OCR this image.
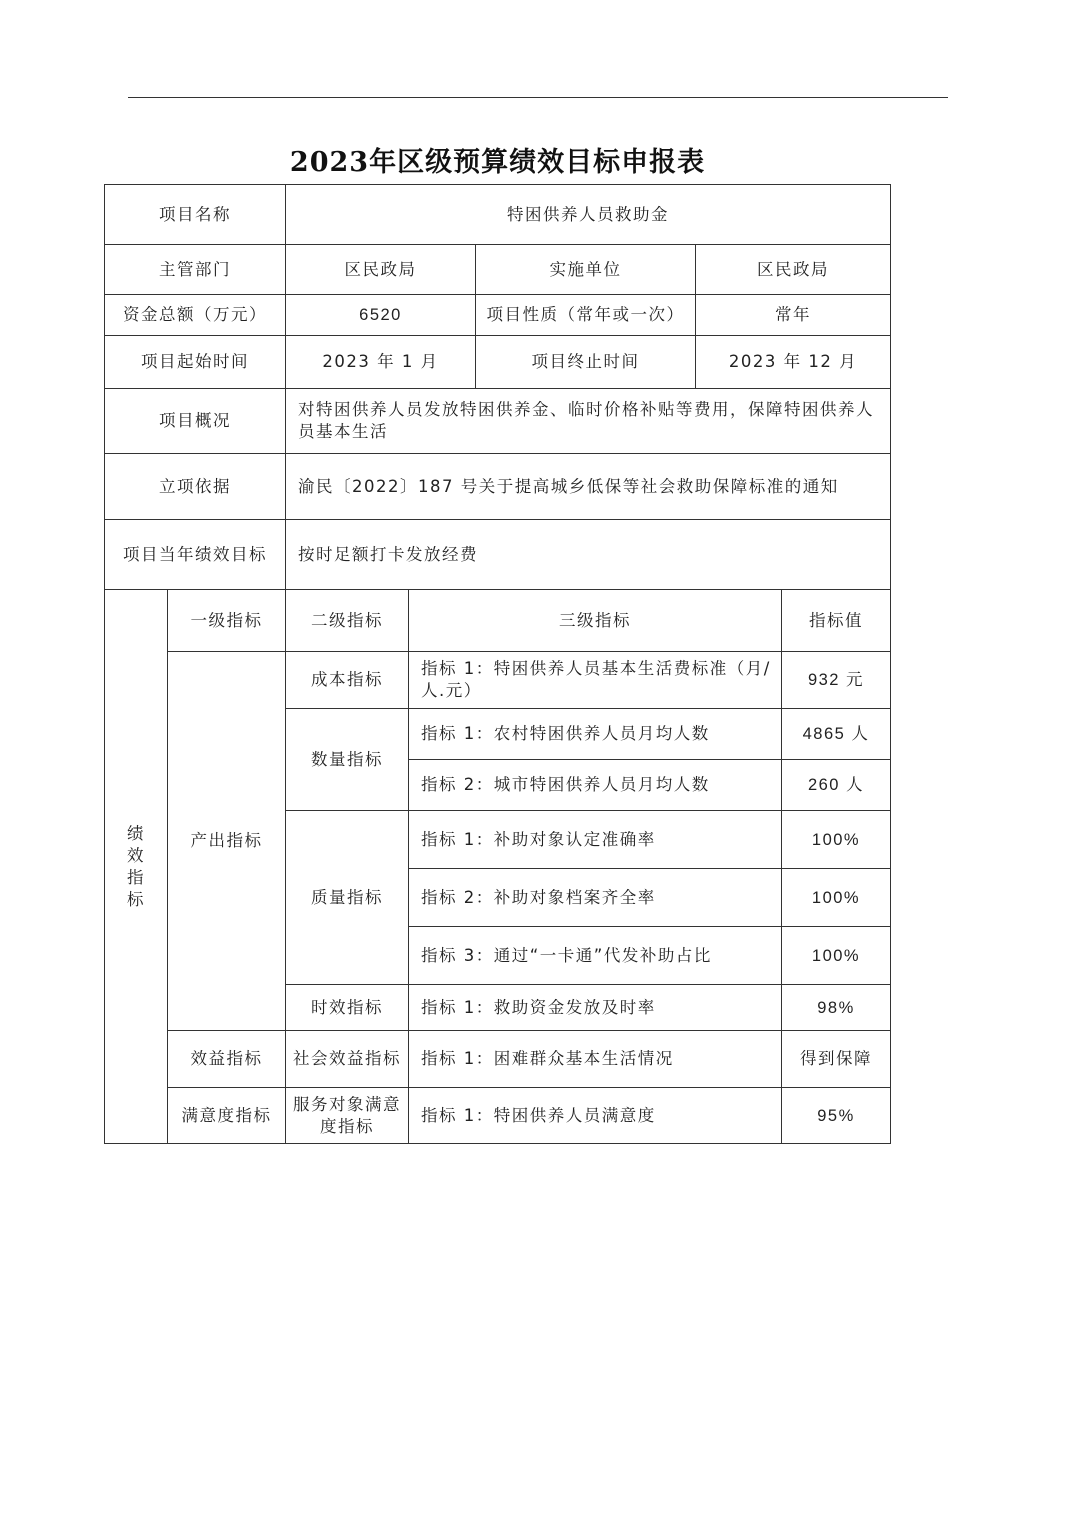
2023年区级预算绩效目标申报表
项目名称		特困供养人员救助金				
主管部门		区民政局		实施单位	区民政局	
资金总额（万元）		6520		项目性质（常年或一次）	常年	
项目起始时间		2023 年 1 月		项目终止时间	2023 年 12 月	
项目概况		对特困供养人员发放特困供养金、临时价格补贴等费用，保障特困供养人员基本生活				
立项依据		渝民〔2022〕187 号关于提高城乡低保等社会救助保障标准的通知				
项目当年绩效目标		按时足额打卡发放经费				
绩效指标	一级指标	二级指标	三级指标			指标值
	产出指标	成本指标	指标 1：特困供养人员基本生活费标准（月/人.元）			932 元
		数量指标	指标 1：农村特困供养人员月均人数			4865 人
			指标 2：城市特困供养人员月均人数			260 人
		质量指标	指标 1：补助对象认定准确率			100%
			指标 2：补助对象档案齐全率			100%
			指标 3：通过“一卡通”代发补助占比			100%
		时效指标	指标 1：救助资金发放及时率			98%
	效益指标	社会效益指标	指标 1：困难群众基本生活情况			得到保障
	满意度指标	服务对象满意度指标	指标 1：特困供养人员满意度			95%
